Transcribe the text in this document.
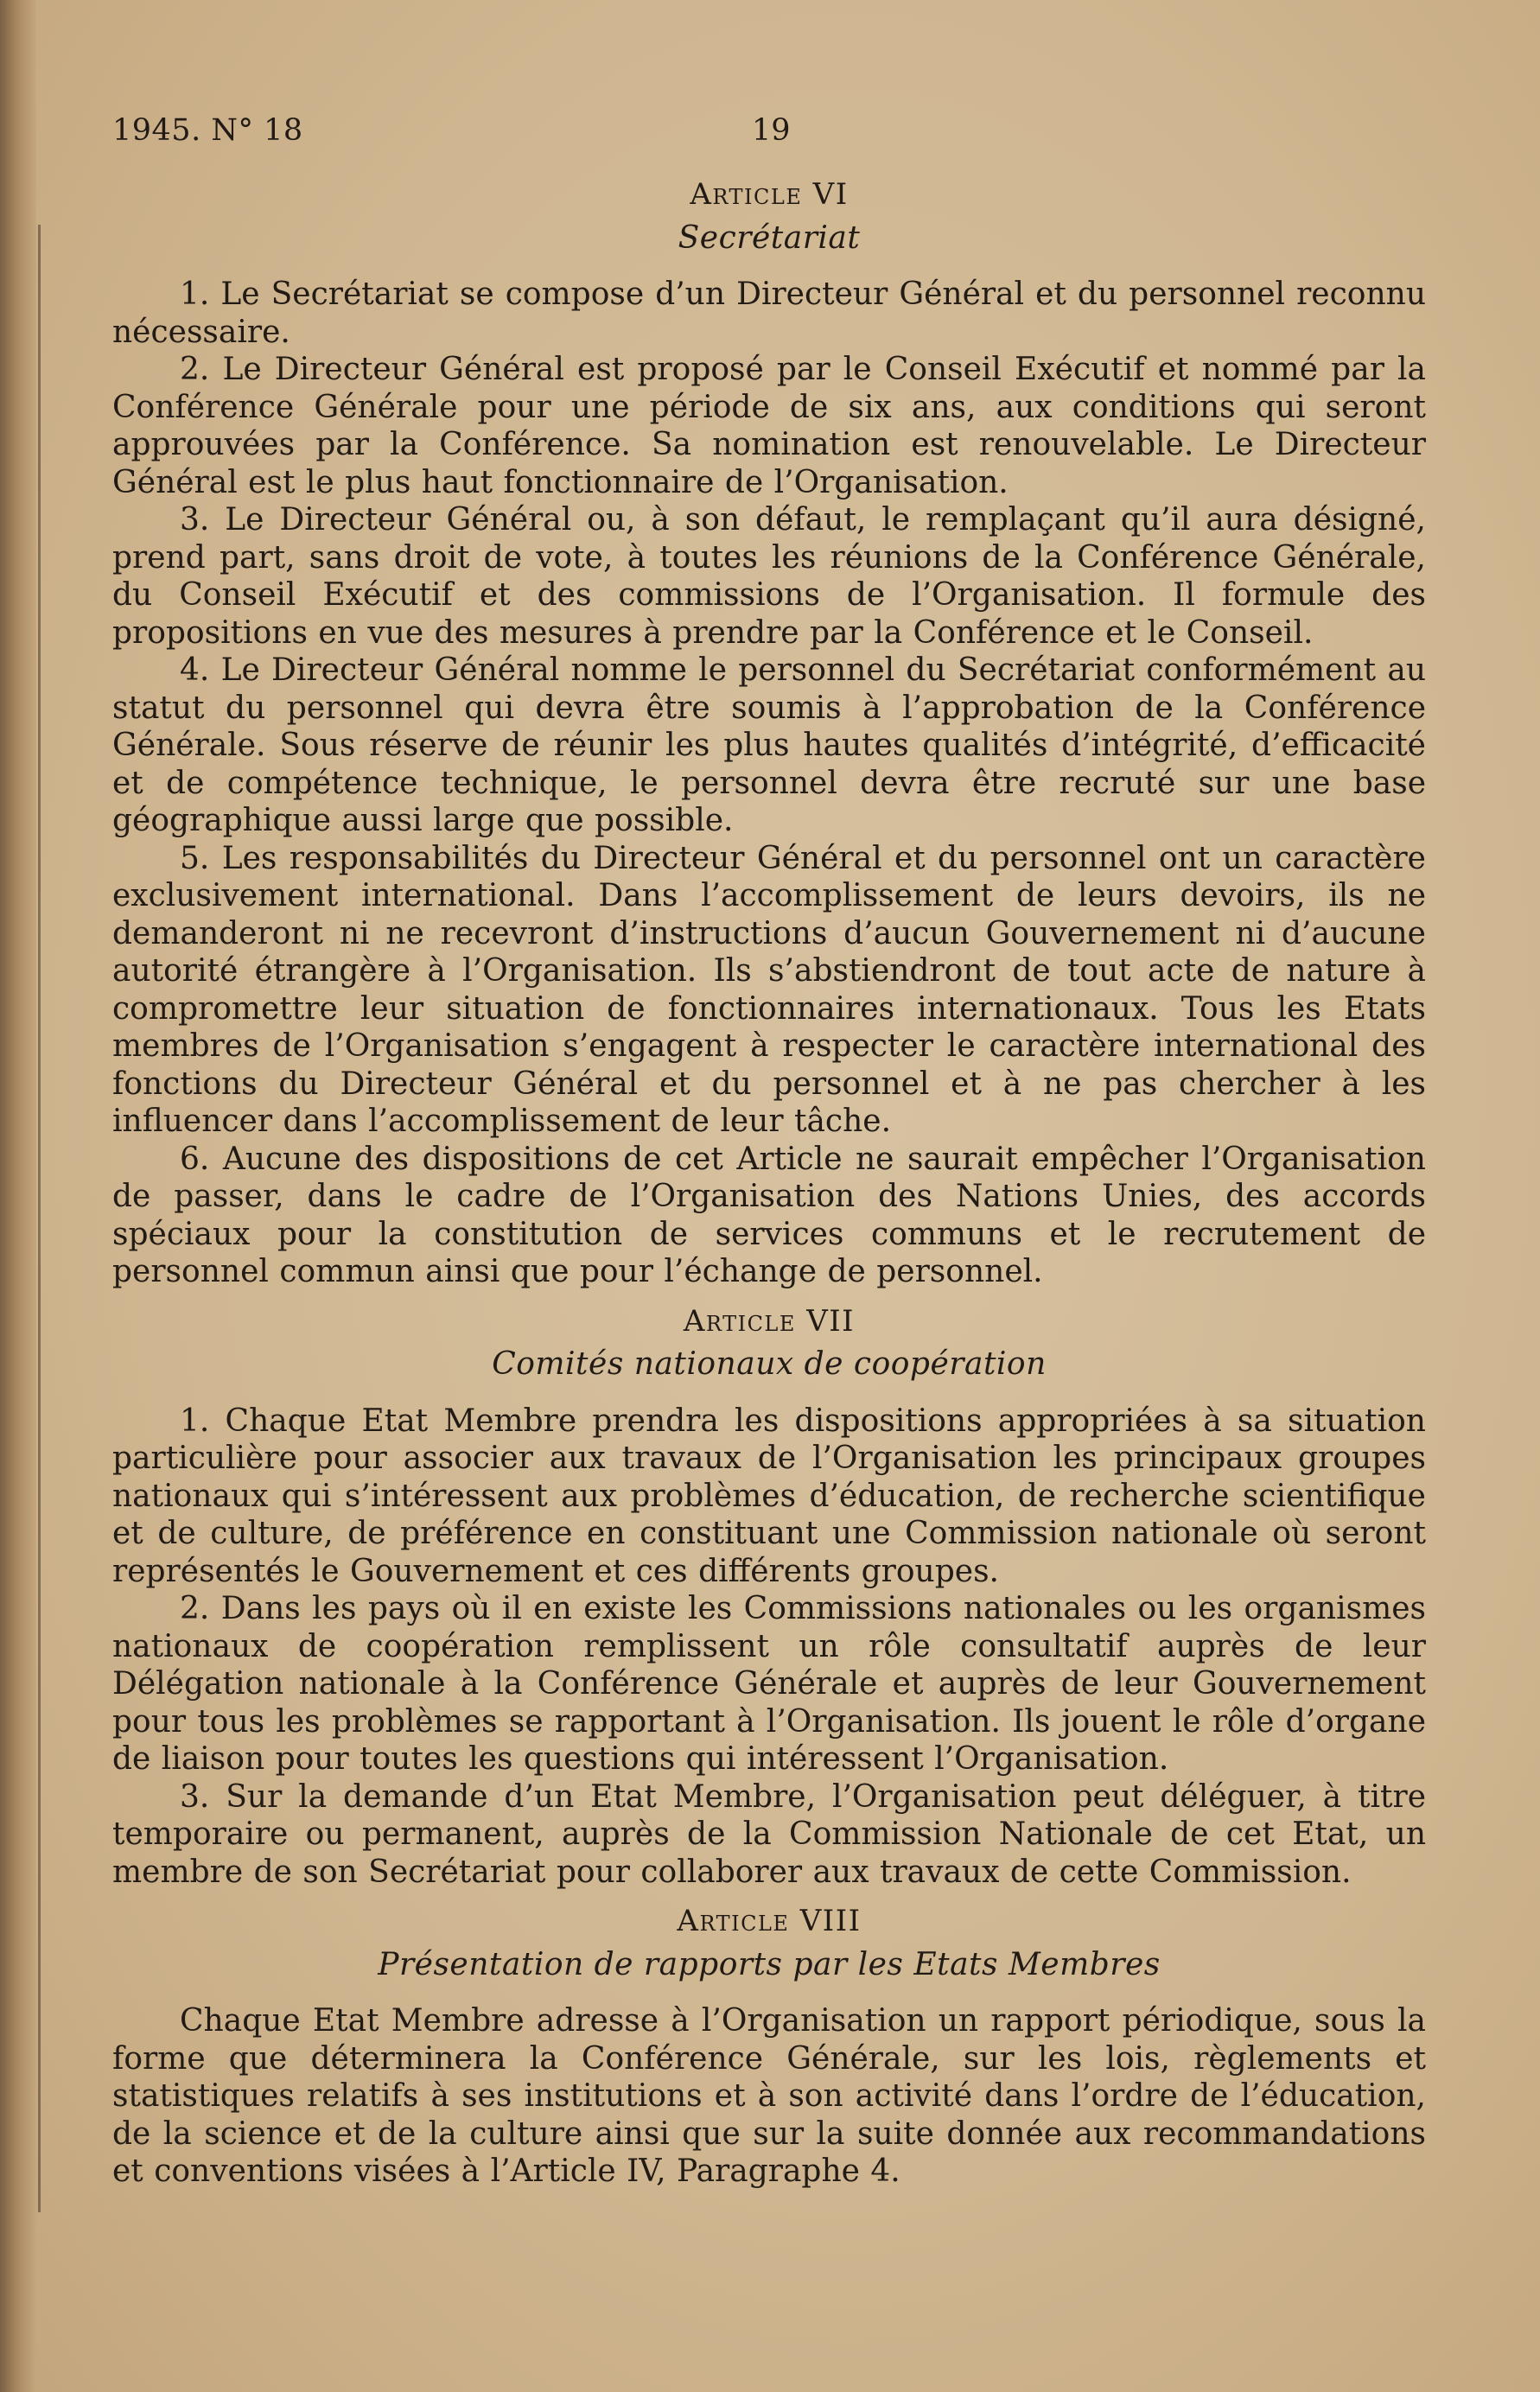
1945. N° 18	19
Article VI
Secrétariat

1. Le Secrétariat se compose d’un Directeur Général et du personnel reconnu nécessaire.

2. Le Directeur Général est proposé par le Conseil Exécutif et nommé par la Conférence Générale pour une période de six ans, aux conditions qui seront approuvées par la Conférence. Sa nomination est renouvelable. Le Directeur Général est le plus haut fonctionnaire de l’Organisation.

3. Le Directeur Général ou, à son défaut, le remplaçant qu’il aura désigné, prend part, sans droit de vote, à toutes les réunions de la Conférence Générale, du Conseil Exécutif et des commissions de l’Organisation. Il formule des propositions en vue des mesures à prendre par la Conférence et le Conseil.

4. Le Directeur Général nomme le personnel du Secrétariat conformément au statut du personnel qui devra être soumis à l’approbation de la Conférence Générale. Sous réserve de réunir les plus hautes qualités d’intégrité, d’efficacité et de compétence technique, le personnel devra être recruté sur une base géographique aussi large que possible.

5. Les responsabilités du Directeur Général et du personnel ont un caractère exclusivement international. Dans l’accomplissement de leurs devoirs, ils ne demanderont ni ne recevront d’instructions d’aucun Gouvernement ni d’aucune autorité étrangère à l’Organisation. Ils s’abstiendront de tout acte de nature à compromettre leur situation de fonctionnaires internationaux. Tous les Etats membres de l’Organisation s’engagent à respecter le caractère international des fonctions du Directeur Général et du personnel et à ne pas chercher à les influencer dans l’accomplissement de leur tâche.

6. Aucune des dispositions de cet Article ne saurait empêcher l’Organisation de passer, dans le cadre de l’Organisation des Nations Unies, des accords spéciaux pour la constitution de services communs et le recrutement de personnel commun ainsi que pour l’échange de personnel.

Article VII
Comités nationaux de coopération

1. Chaque Etat Membre prendra les dispositions appropriées à sa situation particulière pour associer aux travaux de l’Organisation les principaux groupes nationaux qui s’intéressent aux problèmes d’éducation, de recherche scientifique et de culture, de préférence en constituant une Commission nationale où seront représentés le Gouvernement et ces différents groupes.

2. Dans les pays où il en existe les Commissions nationales ou les organismes nationaux de coopération remplissent un rôle consultatif auprès de leur Délégation nationale à la Conférence Générale et auprès de leur Gouvernement pour tous les problèmes se rapportant à l’Organisation. Ils jouent le rôle d’organe de liaison pour toutes les questions qui intéressent l’Organisation.

3. Sur la demande d’un Etat Membre, l’Organisation peut déléguer, à titre temporaire ou permanent, auprès de la Commission Nationale de cet Etat, un membre de son Secrétariat pour collaborer aux travaux de cette Commission.

Article VIII
Présentation de rapports par les Etats Membres

Chaque Etat Membre adresse à l’Organisation un rapport périodique, sous la forme que déterminera la Conférence Générale, sur les lois, règlements et statistiques relatifs à ses institutions et à son activité dans l’ordre de l’éducation, de la science et de la culture ainsi que sur la suite donnée aux recommandations et conventions visées à l’Article IV, Paragraphe 4.
